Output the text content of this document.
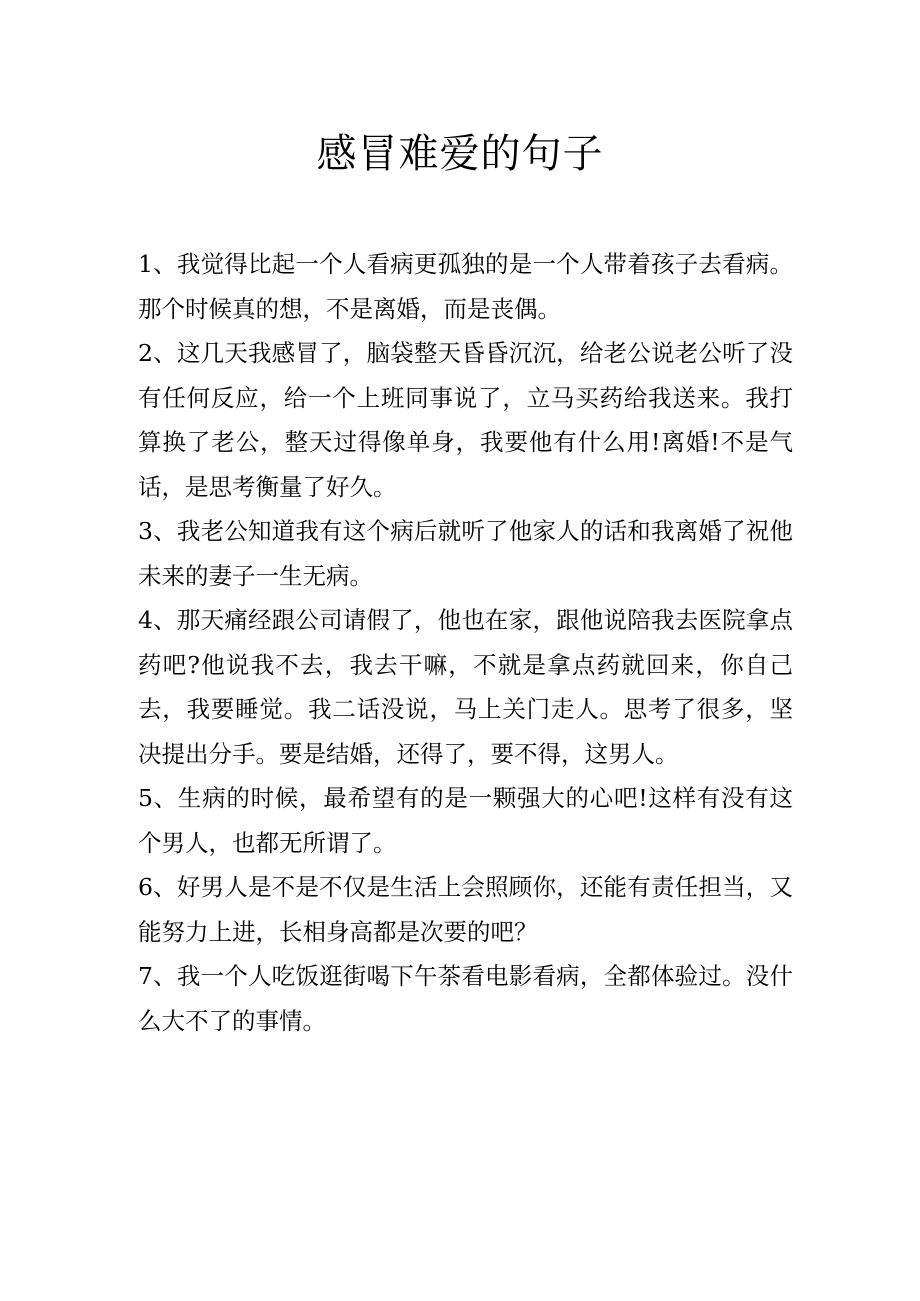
感冒难爱的句子

1、我觉得比起一个人看病更孤独的是一个人带着孩子去看病。那个时候真的想，不是离婚，而是丧偶。

2、这几天我感冒了，脑袋整天昏昏沉沉，给老公说老公听了没有任何反应，给一个上班同事说了，立马买药给我送来。我打算换了老公，整天过得像单身，我要他有什么用!离婚!不是气话，是思考衡量了好久。

3、我老公知道我有这个病后就听了他家人的话和我离婚了祝他未来的妻子一生无病。

4、那天痛经跟公司请假了，他也在家，跟他说陪我去医院拿点药吧?他说我不去，我去干嘛，不就是拿点药就回来，你自己去，我要睡觉。我二话没说，马上关门走人。思考了很多，坚决提出分手。要是结婚，还得了，要不得，这男人。

5、生病的时候，最希望有的是一颗强大的心吧!这样有没有这个男人，也都无所谓了。

6、好男人是不是不仅是生活上会照顾你，还能有责任担当，又能努力上进，长相身高都是次要的吧？

7、我一个人吃饭逛街喝下午茶看电影看病，全都体验过。没什么大不了的事情。
